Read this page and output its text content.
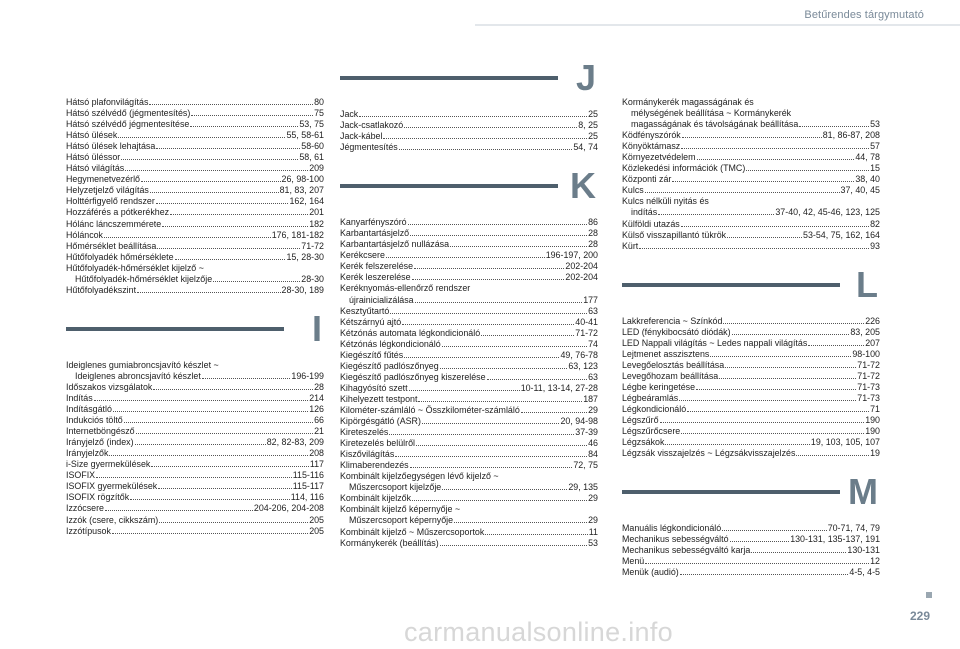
Betűrendes tárgymutató
Hátsó plafonvilágítás	80
Hátsó szélvédő (jégmentesítés)	75
Hátsó szélvédő jégmentesítése	53, 75
Hátsó ülések	55, 58-61
Hátsó ülések lehajtása	58-60
Hátsó üléssor	58, 61
Hátsó világítás	209
Hegymenetvezérlő	26, 98-100
Helyzetjelző világítás	81, 83, 207
Holttérfigyelő rendszer	162, 164
Hozzáférés a pótkerékhez	201
Hólánc láncszemmérete	182
Hóláncok	176, 181-182
Hőmérséklet beállítása	71-72
Hűtőfolyadék hőmérséklete	15, 28-30
Hűtőfolyadék-hőmérséklet kijelző ~
Hűtőfolyadék-hőmérséklet kijelzője	28-30
Hűtőfolyadékszint	28-30, 189
I
Ideiglenes gumiabroncsjavító készlet ~
Ideiglenes abroncsjavító készlet	196-199
Időszakos vizsgálatok	28
Indítás	214
Indításgátló	126
Indukciós töltő	66
Internetböngésző	21
Irányjelző (index)	82, 82-83, 209
Irányjelzők	208
i-Size gyermekülések	117
ISOFIX	115-116
ISOFIX gyermekülések	115-117
ISOFIX rögzítők	114, 116
Izzócsere	204-206, 204-208
Izzók (csere, cikkszám)	205
Izzótípusok	205
J
Jack	25
Jack-csatlakozó	8, 25
Jack-kábel	25
Jégmentesítés	54, 74
K
Kanyarfényszóró	86
Karbantartásjelző	28
Karbantartásjelző nullázása	28
Kerékcsere	196-197, 200
Kerék felszerelése	202-204
Kerék leszerelése	202-204
Keréknyomás-ellenőrző rendszer
újrainicializálása	177
Kesztyűtartó	63
Kétszárnyú ajtó	40-41
Kétzónás automata légkondicionáló	71-72
Kétzónás légkondicionáló	74
Kiegészítő fűtés	49, 76-78
Kiegészítő padlószőnyeg	63, 123
Kiegészítő padlószőnyeg kiszerelése	63
Kihagyósító szett	10-11, 13-14, 27-28
Kihelyezett testpont	187
Kilométer-számláló ~ Összkilométer-számláló	29
Kipörgésgátló (ASR)	20, 94-98
Kireteszelés	37-39
Kiretezelés belülről	46
Kiszővilágítás	84
Klimaberendezés	72, 75
Kombinált kijelzőegységen lévő kijelző ~
Műszercsoport kijelzője	29, 135
Kombinált kijelzők	29
Kombinált kijelző képernyője ~
Műszercsoport képernyője	29
Kombinált kijelző ~ Műszercsoportok	11
Kormánykerék (beállítás)	53
Kormánykerék magasságának és
mélységének beállítása ~ Kormánykerék
magasságának és távolságának beállítása	53
Ködfényszórók	81, 86-87, 208
Könyöktámasz	57
Környezetvédelem	44, 78
Közlekedési információk (TMC)	15
Központi zár	38, 40
Kulcs	37, 40, 45
Kulcs nélküli nyitás és
indítás	37-40, 42, 45-46, 123, 125
Külföldi utazás	82
Külső visszapillantó tükrök	53-54, 75, 162, 164
Kürt	93
L
Lakkreferencia ~ Színkód	226
LED (fénykibocsátó diódák)	83, 205
LED Nappali világítás ~ Ledes nappali világítás	207
Lejtmenet asszisztens	98-100
Levegőelosztás beállítása	71-72
Levegőhozam beállítása	71-72
Légbe keringetése	71-73
Légbeáramlás	71-73
Légkondicionáló	71
Légszűrő	190
Légszűrőcsere	190
Légzsákok	19, 103, 105, 107
Légzsák visszajelzés ~ Légzsákvisszajelzés	19
M
Manuális légkondicionáló	70-71, 74, 79
Mechanikus sebességváltó	130-131, 135-137, 191
Mechanikus sebességváltó karja	130-131
Menü	12
Menük (audió)	4-5, 4-5
229
carmanualsonline.info
